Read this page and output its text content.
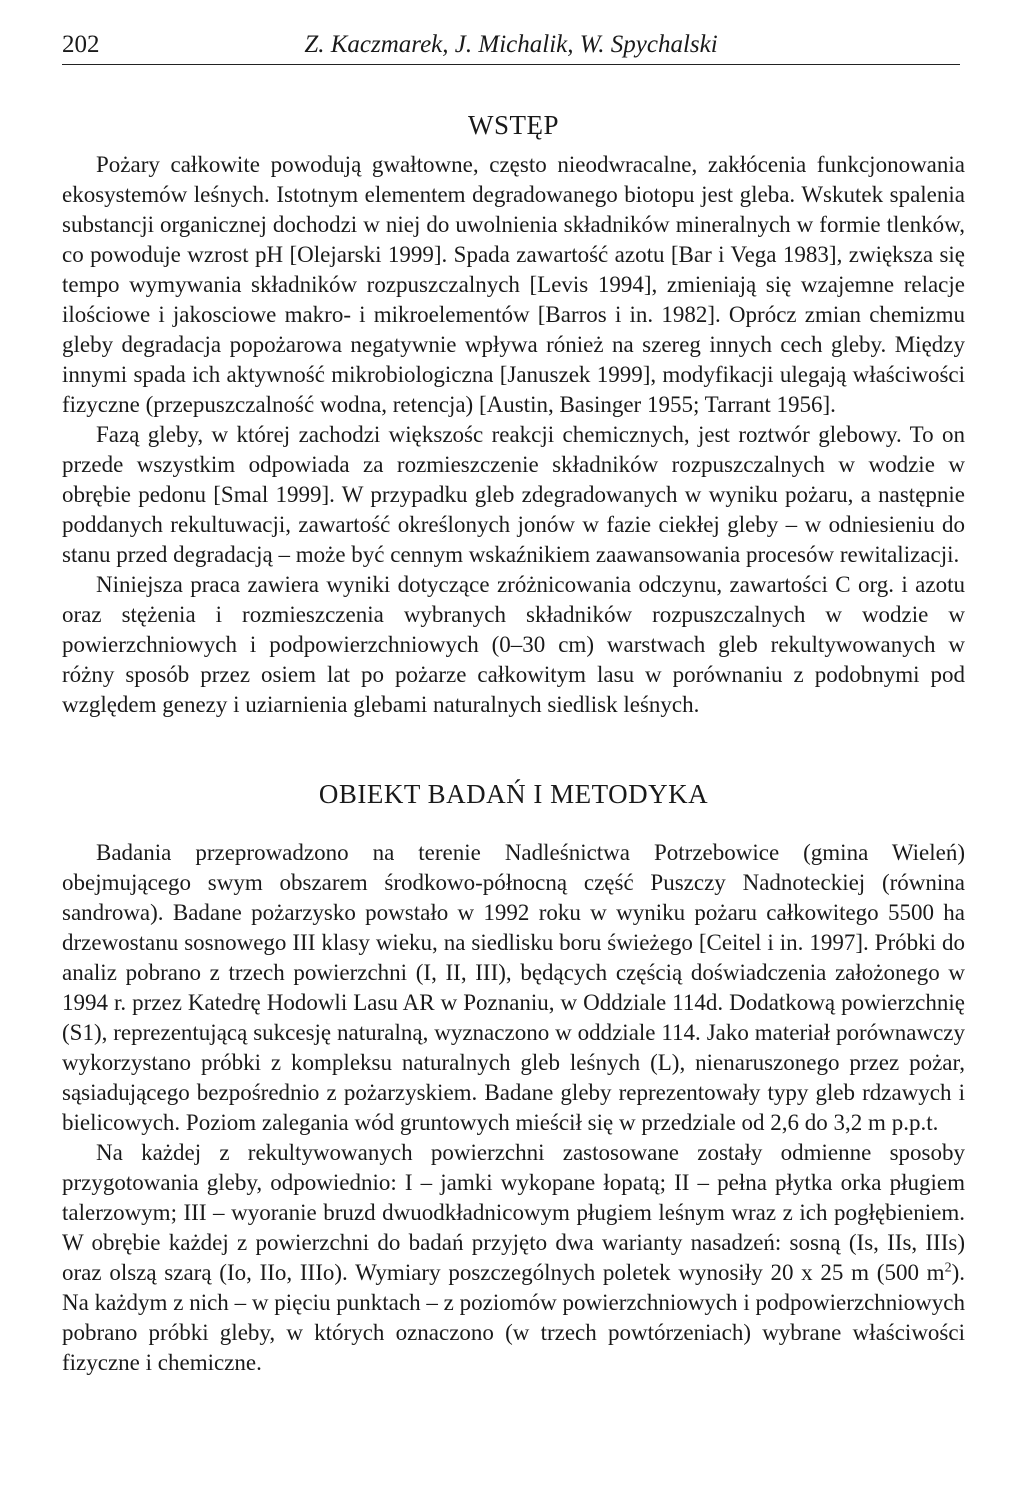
202	Z. Kaczmarek, J. Michalik, W. Spychalski
WSTĘP

Pożary całkowite powodują gwałtowne, często nieodwracalne, zakłócenia funkcjonowania ekosystemów leśnych. Istotnym elementem degradowanego biotopu jest gleba. Wskutek spalenia substancji organicznej dochodzi w niej do uwolnienia składników mineralnych w formie tlenków, co powoduje wzrost pH [Olejarski 1999]. Spada zawartość azotu [Bar i Vega 1983], zwiększa się tempo wymywania składników rozpuszczalnych [Levis 1994], zmieniają się wzajemne relacje ilościowe i jakosciowe makro- i mikroelementów [Barros i in. 1982]. Oprócz zmian chemizmu gleby degradacja popożarowa negatywnie wpływa rónież na szereg innych cech gleby. Między innymi spada ich aktywność mikrobiologiczna [Januszek 1999], modyfikacji ulegają właściwości fizyczne (przepuszczalność wodna, retencja) [Austin, Basinger 1955; Tarrant 1956].

Fazą gleby, w której zachodzi większośc reakcji chemicznych, jest roztwór glebowy. To on przede wszystkim odpowiada za rozmieszczenie składników rozpuszczalnych w wodzie w obrębie pedonu [Smal 1999]. W przypadku gleb zdegradowanych w wyniku pożaru, a następnie poddanych rekultuwacji, zawartość określonych jonów w fazie ciekłej gleby – w odniesieniu do stanu przed degradacją – może być cennym wskaźnikiem zaawansowania procesów rewitalizacji.

Niniejsza praca zawiera wyniki dotyczące zróżnicowania odczynu, zawartości C org. i azotu oraz stężenia i rozmieszczenia wybranych składników rozpuszczalnych w wodzie w powierzchniowych i podpowierzchniowych (0–30 cm) warstwach gleb rekultywowanych w różny sposób przez osiem lat po pożarze całkowitym lasu w porównaniu z podobnymi pod względem genezy i uziarnienia glebami naturalnych siedlisk leśnych.

OBIEKT BADAŃ I METODYKA

Badania przeprowadzono na terenie Nadleśnictwa Potrzebowice (gmina Wieleń) obejmującego swym obszarem środkowo-północną część Puszczy Nadnoteckiej (równina sandrowa). Badane pożarzysko powstało w 1992 roku w wyniku pożaru całkowitego 5500 ha drzewostanu sosnowego III klasy wieku, na siedlisku boru świeżego [Ceitel i in. 1997]. Próbki do analiz pobrano z trzech powierzchni (I, II, III), będących częścią doświadczenia założonego w 1994 r. przez Katedrę Hodowli Lasu AR w Poznaniu, w Oddziale 114d. Dodatkową powierzchnię (S1), reprezentującą sukcesję naturalną, wyznaczono w oddziale 114. Jako materiał porównawczy wykorzystano próbki z kompleksu naturalnych gleb leśnych (L), nienaruszonego przez pożar, sąsiadującego bezpośrednio z pożarzyskiem. Badane gleby reprezentowały typy gleb rdzawych i bielicowych. Poziom zalegania wód gruntowych mieścił się w przedziale od 2,6 do 3,2 m p.p.t.

Na każdej z rekultywowanych powierzchni zastosowane zostały odmienne sposoby przygotowania gleby, odpowiednio: I – jamki wykopane łopatą; II – pełna płytka orka pługiem talerzowym; III – wyoranie bruzd dwuodkładnicowym pługiem leśnym wraz z ich pogłębieniem. W obrębie każdej z powierzchni do badań przyjęto dwa warianty nasadzeń: sosną (Is, IIs, IIIs) oraz olszą szarą (Io, IIo, IIIo). Wymiary poszczególnych poletek wynosiły 20 x 25 m (500 $m^2$). Na każdym z nich – w pięciu punktach – z poziomów powierzchniowych i podpowierzchniowych pobrano próbki gleby, w których oznaczono (w trzech powtórzeniach) wybrane właściwości fizyczne i chemiczne.
